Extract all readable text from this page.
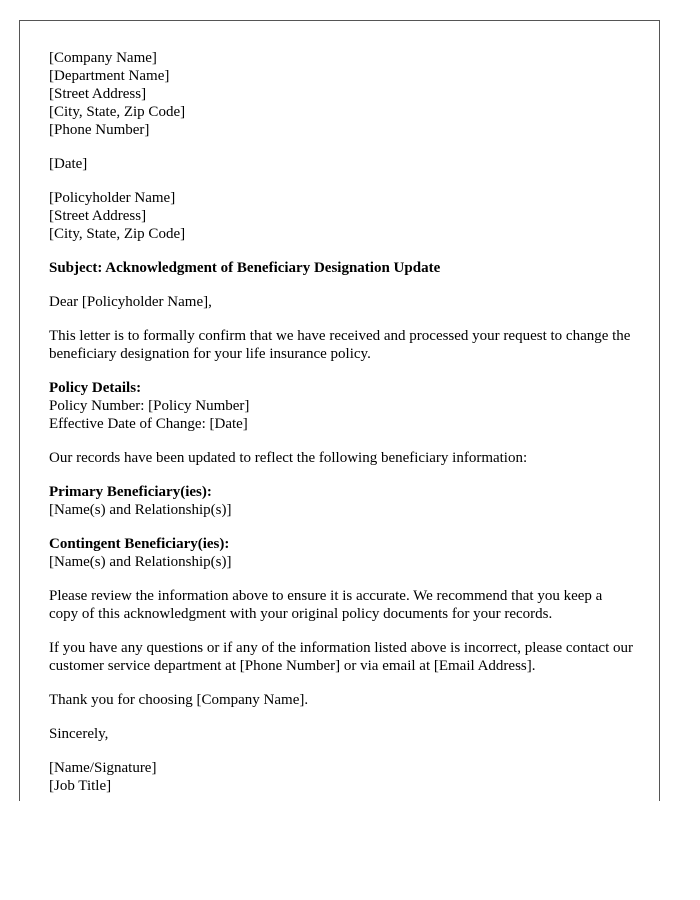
[Company Name]
[Department Name]
[Street Address]
[City, State, Zip Code]
[Phone Number]
[Date]
[Policyholder Name]
[Street Address]
[City, State, Zip Code]
Subject: Acknowledgment of Beneficiary Designation Update
Dear [Policyholder Name],
This letter is to formally confirm that we have received and processed your request to change the beneficiary designation for your life insurance policy.
Policy Details:
Policy Number: [Policy Number]
Effective Date of Change: [Date]
Our records have been updated to reflect the following beneficiary information:
Primary Beneficiary(ies):
[Name(s) and Relationship(s)]
Contingent Beneficiary(ies):
[Name(s) and Relationship(s)]
Please review the information above to ensure it is accurate. We recommend that you keep a copy of this acknowledgment with your original policy documents for your records.
If you have any questions or if any of the information listed above is incorrect, please contact our customer service department at [Phone Number] or via email at [Email Address].
Thank you for choosing [Company Name].
Sincerely,
[Name/Signature]
[Job Title]
